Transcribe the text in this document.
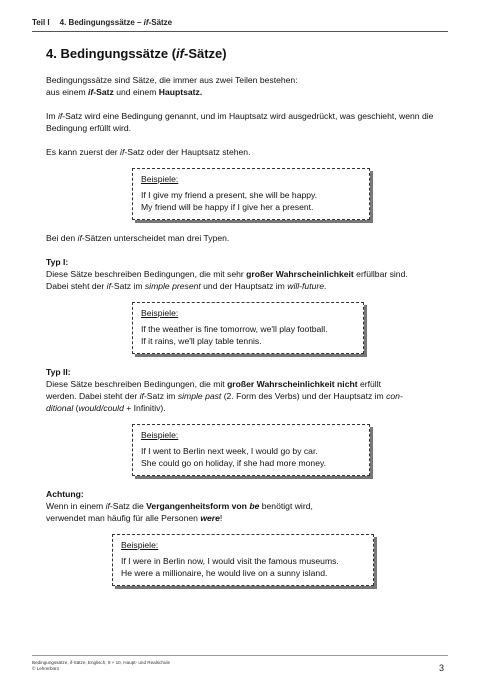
Teil I 4. Bedingungssätze – if-Sätze
4. Bedingungssätze (if-Sätze)

Bedingungssätze sind Sätze, die immer aus zwei Teilen bestehen:

aus einem if-Satz und einem Hauptsatz.

Im if-Satz wird eine Bedingung genannt, und im Hauptsatz wird ausgedrückt, was geschieht, wenn die Bedingung erfüllt wird.

Es kann zuerst der if-Satz oder der Hauptsatz stehen.

Beispiele:
If I give my friend a present, she will be happy.
My friend will be happy if I give her a present.

Bei den if-Sätzen unterscheidet man drei Typen.

Typ I:

Diese Sätze beschreiben Bedingungen, die mit sehr großer Wahrscheinlichkeit erfüllbar sind.

Dabei steht der if-Satz im simple present und der Hauptsatz im will-future.

Beispiele:
If the weather is fine tomorrow, we'll play football.
If it rains, we'll play table tennis.

Typ II:

Diese Sätze beschreiben Bedingungen, die mit großer Wahrscheinlichkeit nicht erfüllt

werden. Dabei steht der if-Satz im simple past (2. Form des Verbs) und der Hauptsatz im con-

ditional (would/could + Infinitiv).

Beispiele:
If I went to Berlin next week, I would go by car.
She could go on holiday, if she had more money.

Achtung:

Wenn in einem if-Satz die Vergangenheitsform von be benötigt wird,

verwendet man häufig für alle Personen were!

Beispiele:
If I were in Berlin now, I would visit the famous museums.
He were a millionaire, he would live on a sunny island.
Bedingungssätze, if-Sätze, Englisch, 9 + 10, Haupt- und Realschule
© Lehrerbüro	3
